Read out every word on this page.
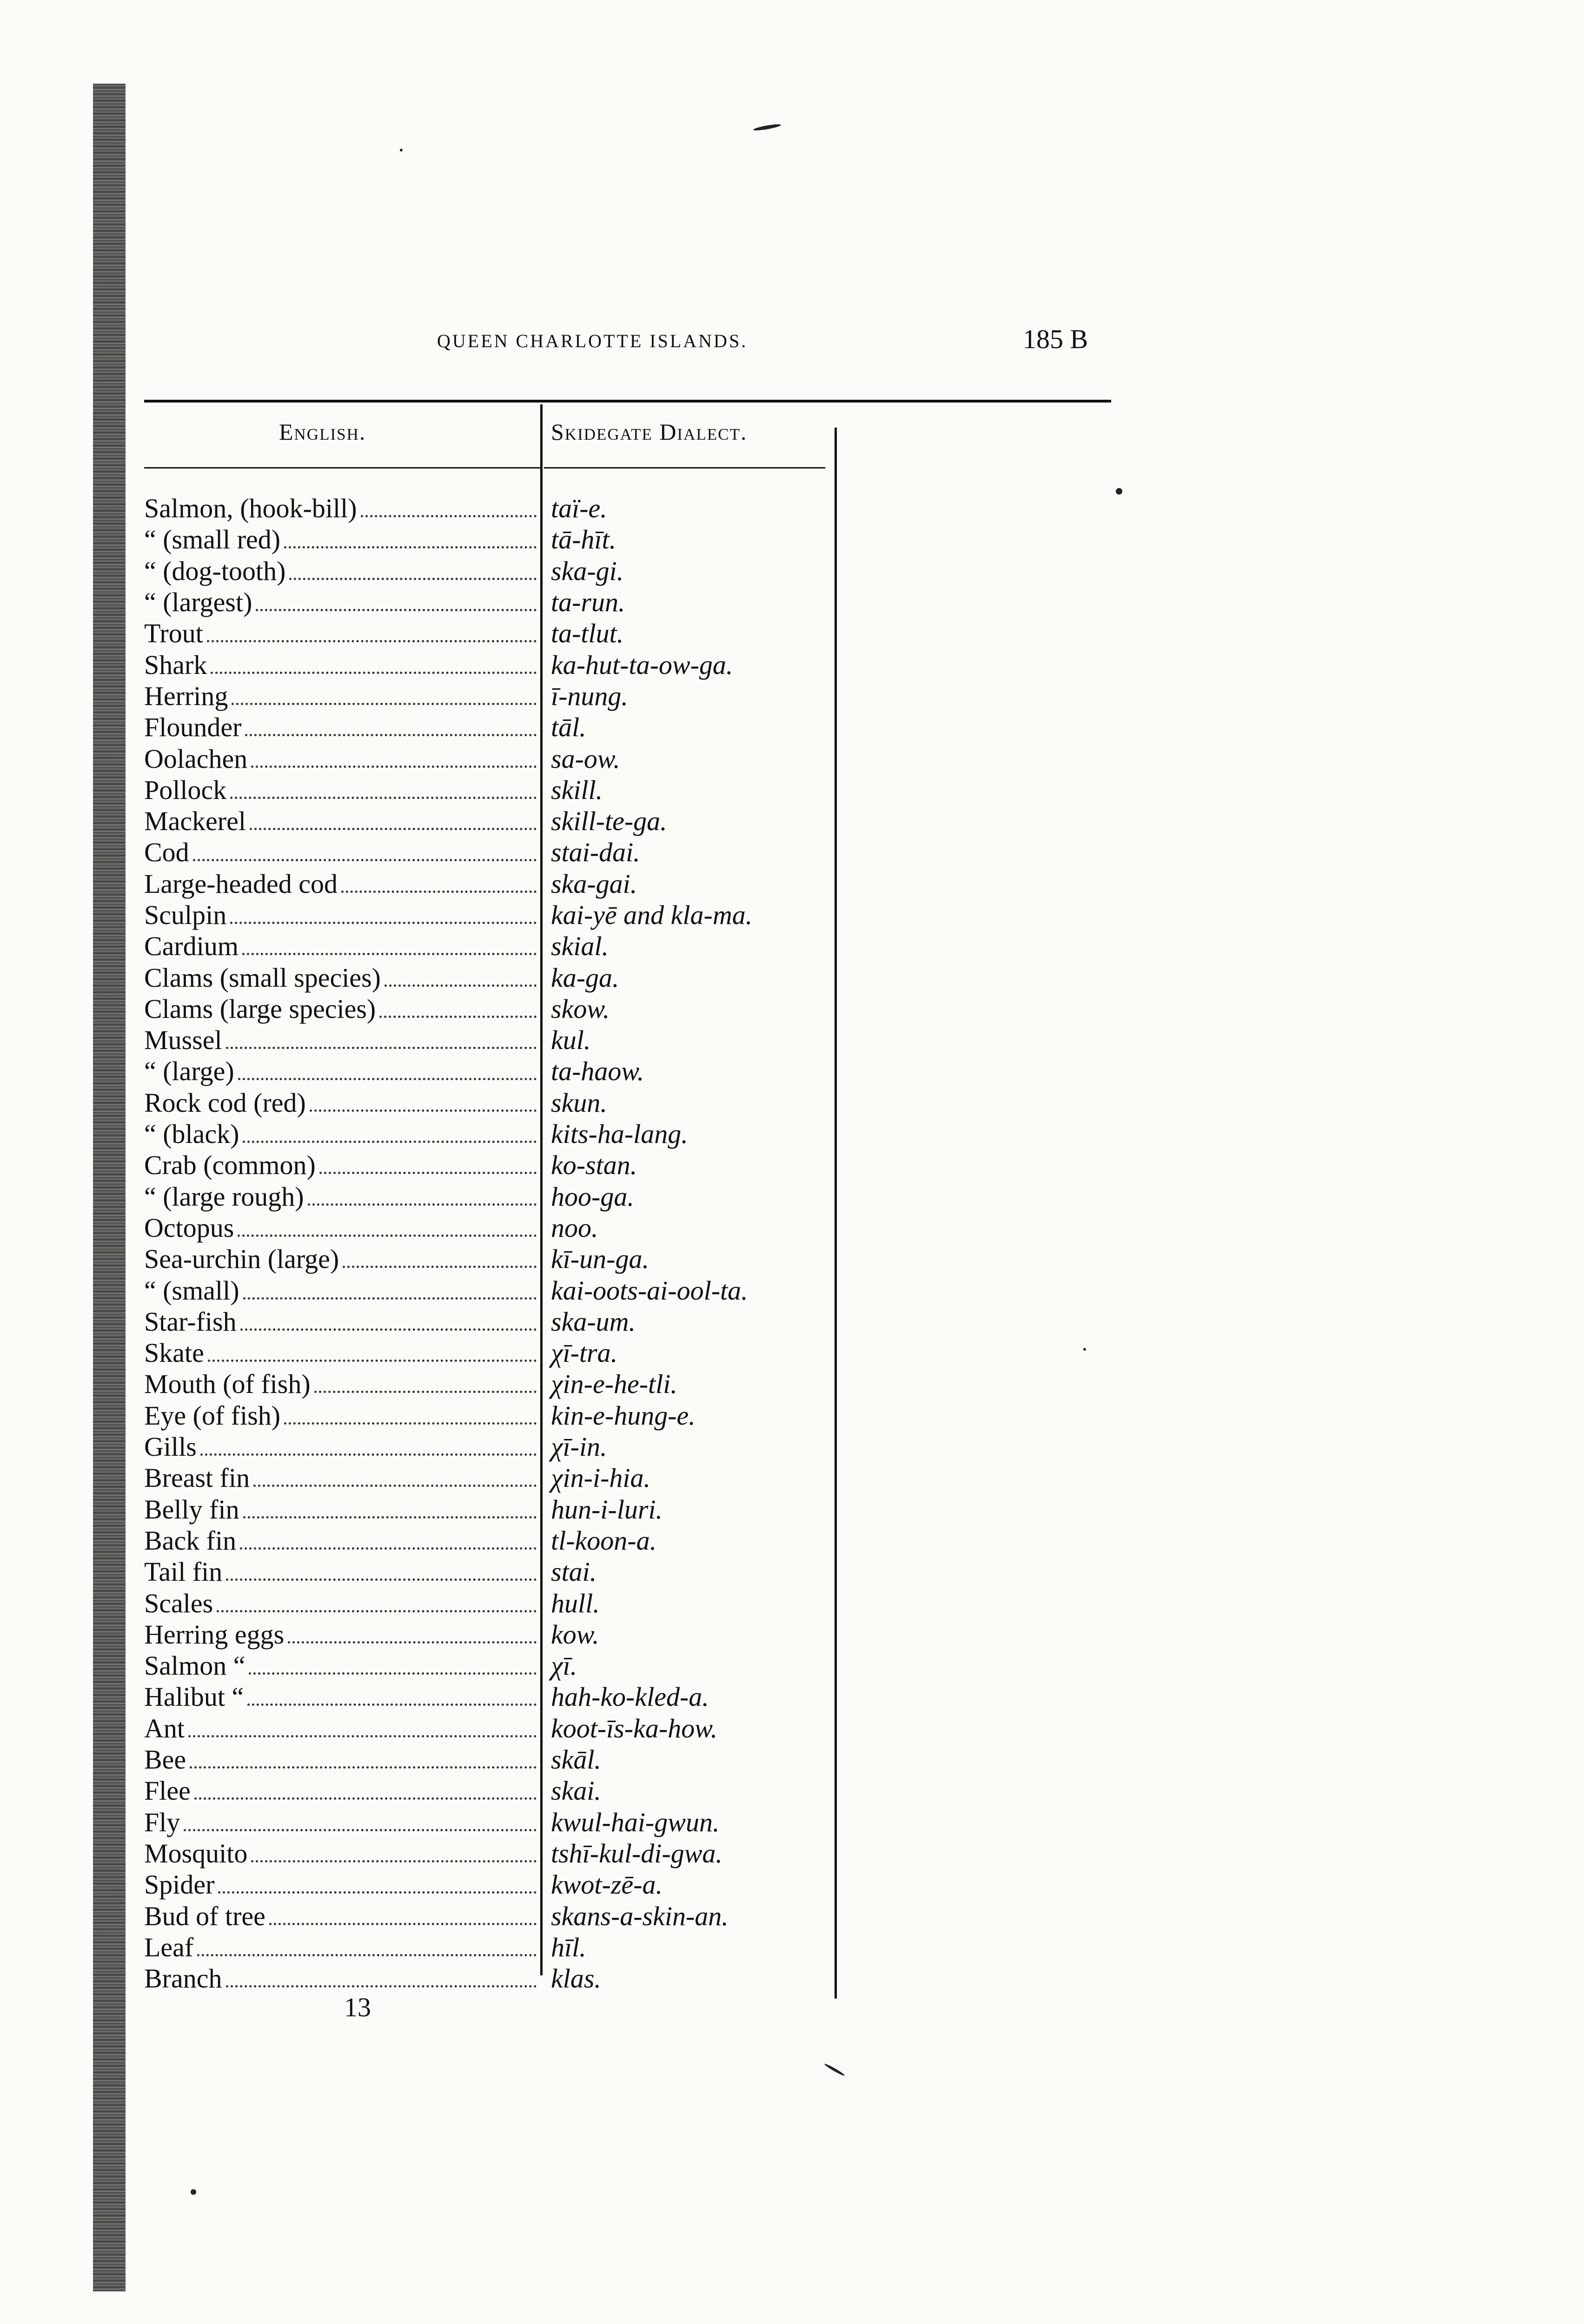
QUEEN CHARLOTTE ISLANDS.	185 B
English.	Skidegate Dialect.
Salmon, (hook-bill)	taï-e.
“ (small red)	tā-hīt.
“ (dog-tooth)	ska-gi.
“ (largest)	ta-run.
Trout	ta-tlut.
Shark	ka-hut-ta-ow-ga.
Herring	ī-nung.
Flounder	tāl.
Oolachen	sa-ow.
Pollock	skill.
Mackerel	skill-te-ga.
Cod	stai-dai.
Large-headed cod	ska-gai.
Sculpin	kai-yē and kla-ma.
Cardium	skial.
Clams (small species)	ka-ga.
Clams (large species)	skow.
Mussel	kul.
“ (large)	ta-haow.
Rock cod (red)	skun.
“ (black)	kits-ha-lang.
Crab (common)	ko-stan.
“ (large rough)	hoo-ga.
Octopus	noo.
Sea-urchin (large)	kī-un-ga.
“ (small)	kai-oots-ai-ool-ta.
Star-fish	ska-um.
Skate	χī-tra.
Mouth (of fish)	χin-e-he-tli.
Eye (of fish)	kin-e-hung-e.
Gills	χī-in.
Breast fin	χin-i-hia.
Belly fin	hun-i-luri.
Back fin	tl-koon-a.
Tail fin	stai.
Scales	hull.
Herring eggs	kow.
Salmon “	χī.
Halibut “	hah-ko-kled-a.
Ant	koot-īs-ka-how.
Bee	skāl.
Flee	skai.
Fly	kwul-hai-gwun.
Mosquito	tshī-kul-di-gwa.
Spider	kwot-zē-a.
Bud of tree	skans-a-skin-an.
Leaf	hīl.
Branch	klas.
13
